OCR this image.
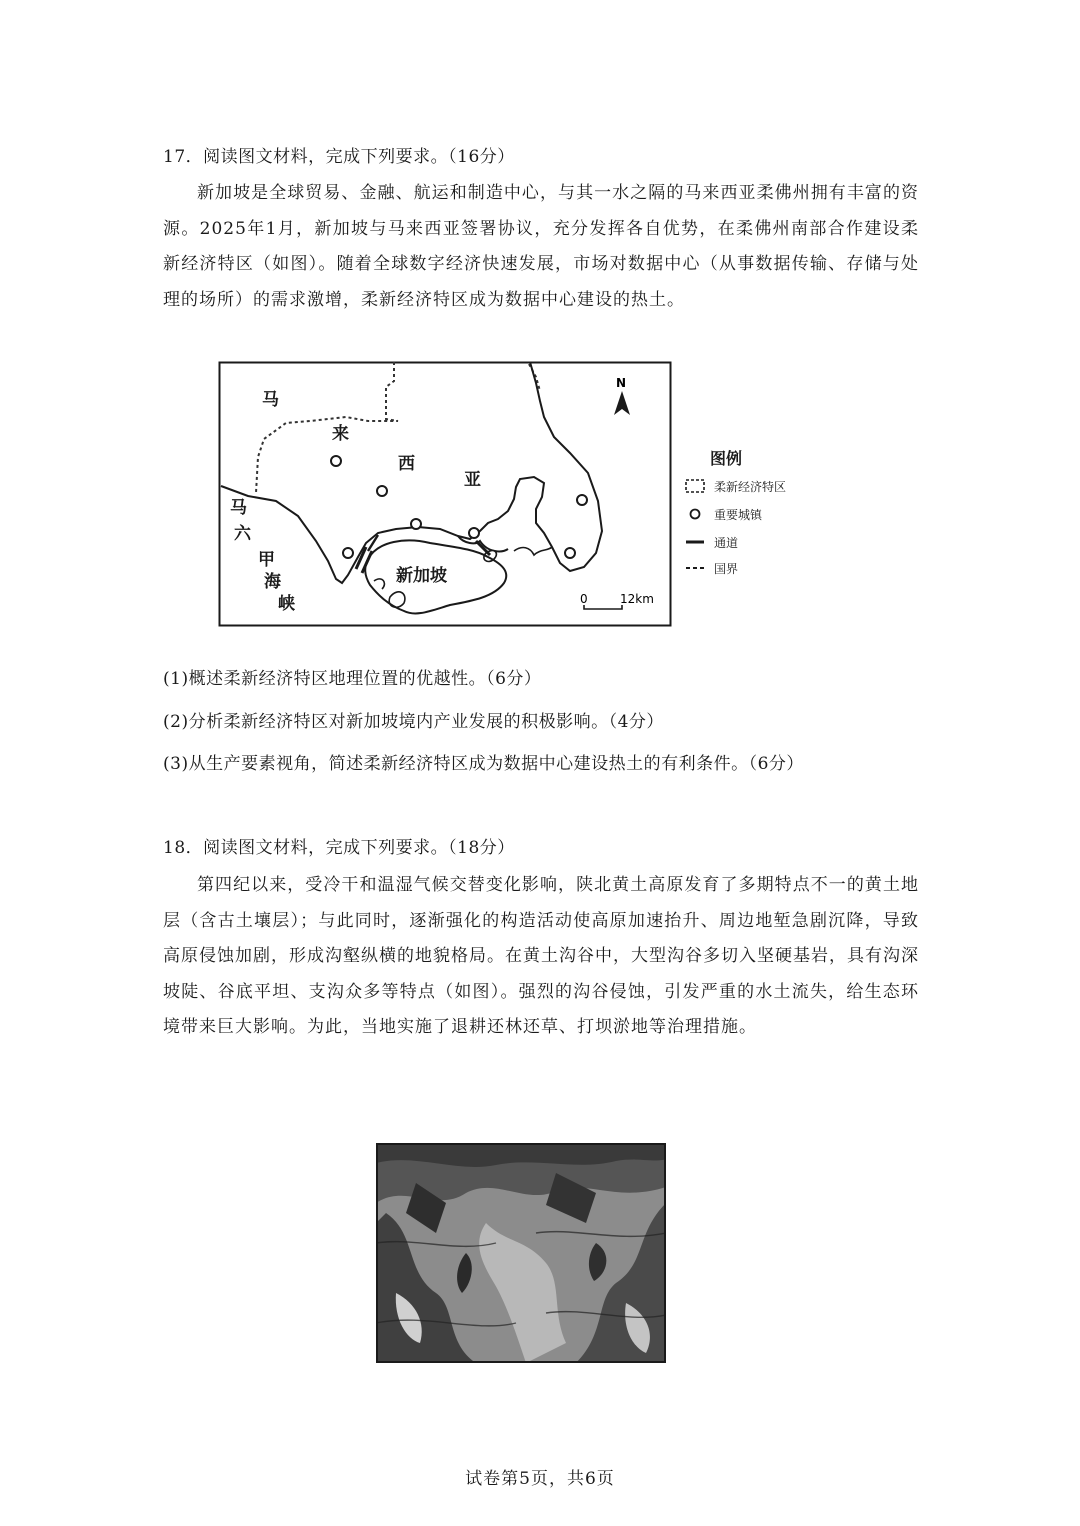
17．阅读图文材料，完成下列要求。（16分）
新加坡是全球贸易、金融、航运和制造中心，与其一水之隔的马来西亚柔佛州拥有丰富的资源。2025年1月，新加坡与马来西亚签署协议，充分发挥各自优势，在柔佛州南部合作建设柔新经济特区（如图）。随着全球数字经济快速发展，市场对数据中心（从事数据传输、存储与处理的场所）的需求激增，柔新经济特区成为数据中心建设的热土。
马
来
西
亚
马
六
甲
海
峡
新加坡
N
0	12km
图例
柔新经济特区
重要城镇
通道
国界
(1)概述柔新经济特区地理位置的优越性。（6分）
(2)分析柔新经济特区对新加坡境内产业发展的积极影响。（4分）
(3)从生产要素视角，简述柔新经济特区成为数据中心建设热土的有利条件。（6分）
18．阅读图文材料，完成下列要求。（18分）
第四纪以来，受冷干和温湿气候交替变化影响，陕北黄土高原发育了多期特点不一的黄土地层（含古土壤层）；与此同时，逐渐强化的构造活动使高原加速抬升、周边地堑急剧沉降，导致高原侵蚀加剧，形成沟壑纵横的地貌格局。在黄土沟谷中，大型沟谷多切入坚硬基岩，具有沟深坡陡、谷底平坦、支沟众多等特点（如图）。强烈的沟谷侵蚀，引发严重的水土流失，给生态环境带来巨大影响。为此，当地实施了退耕还林还草、打坝淤地等治理措施。
试卷第5页，共6页
